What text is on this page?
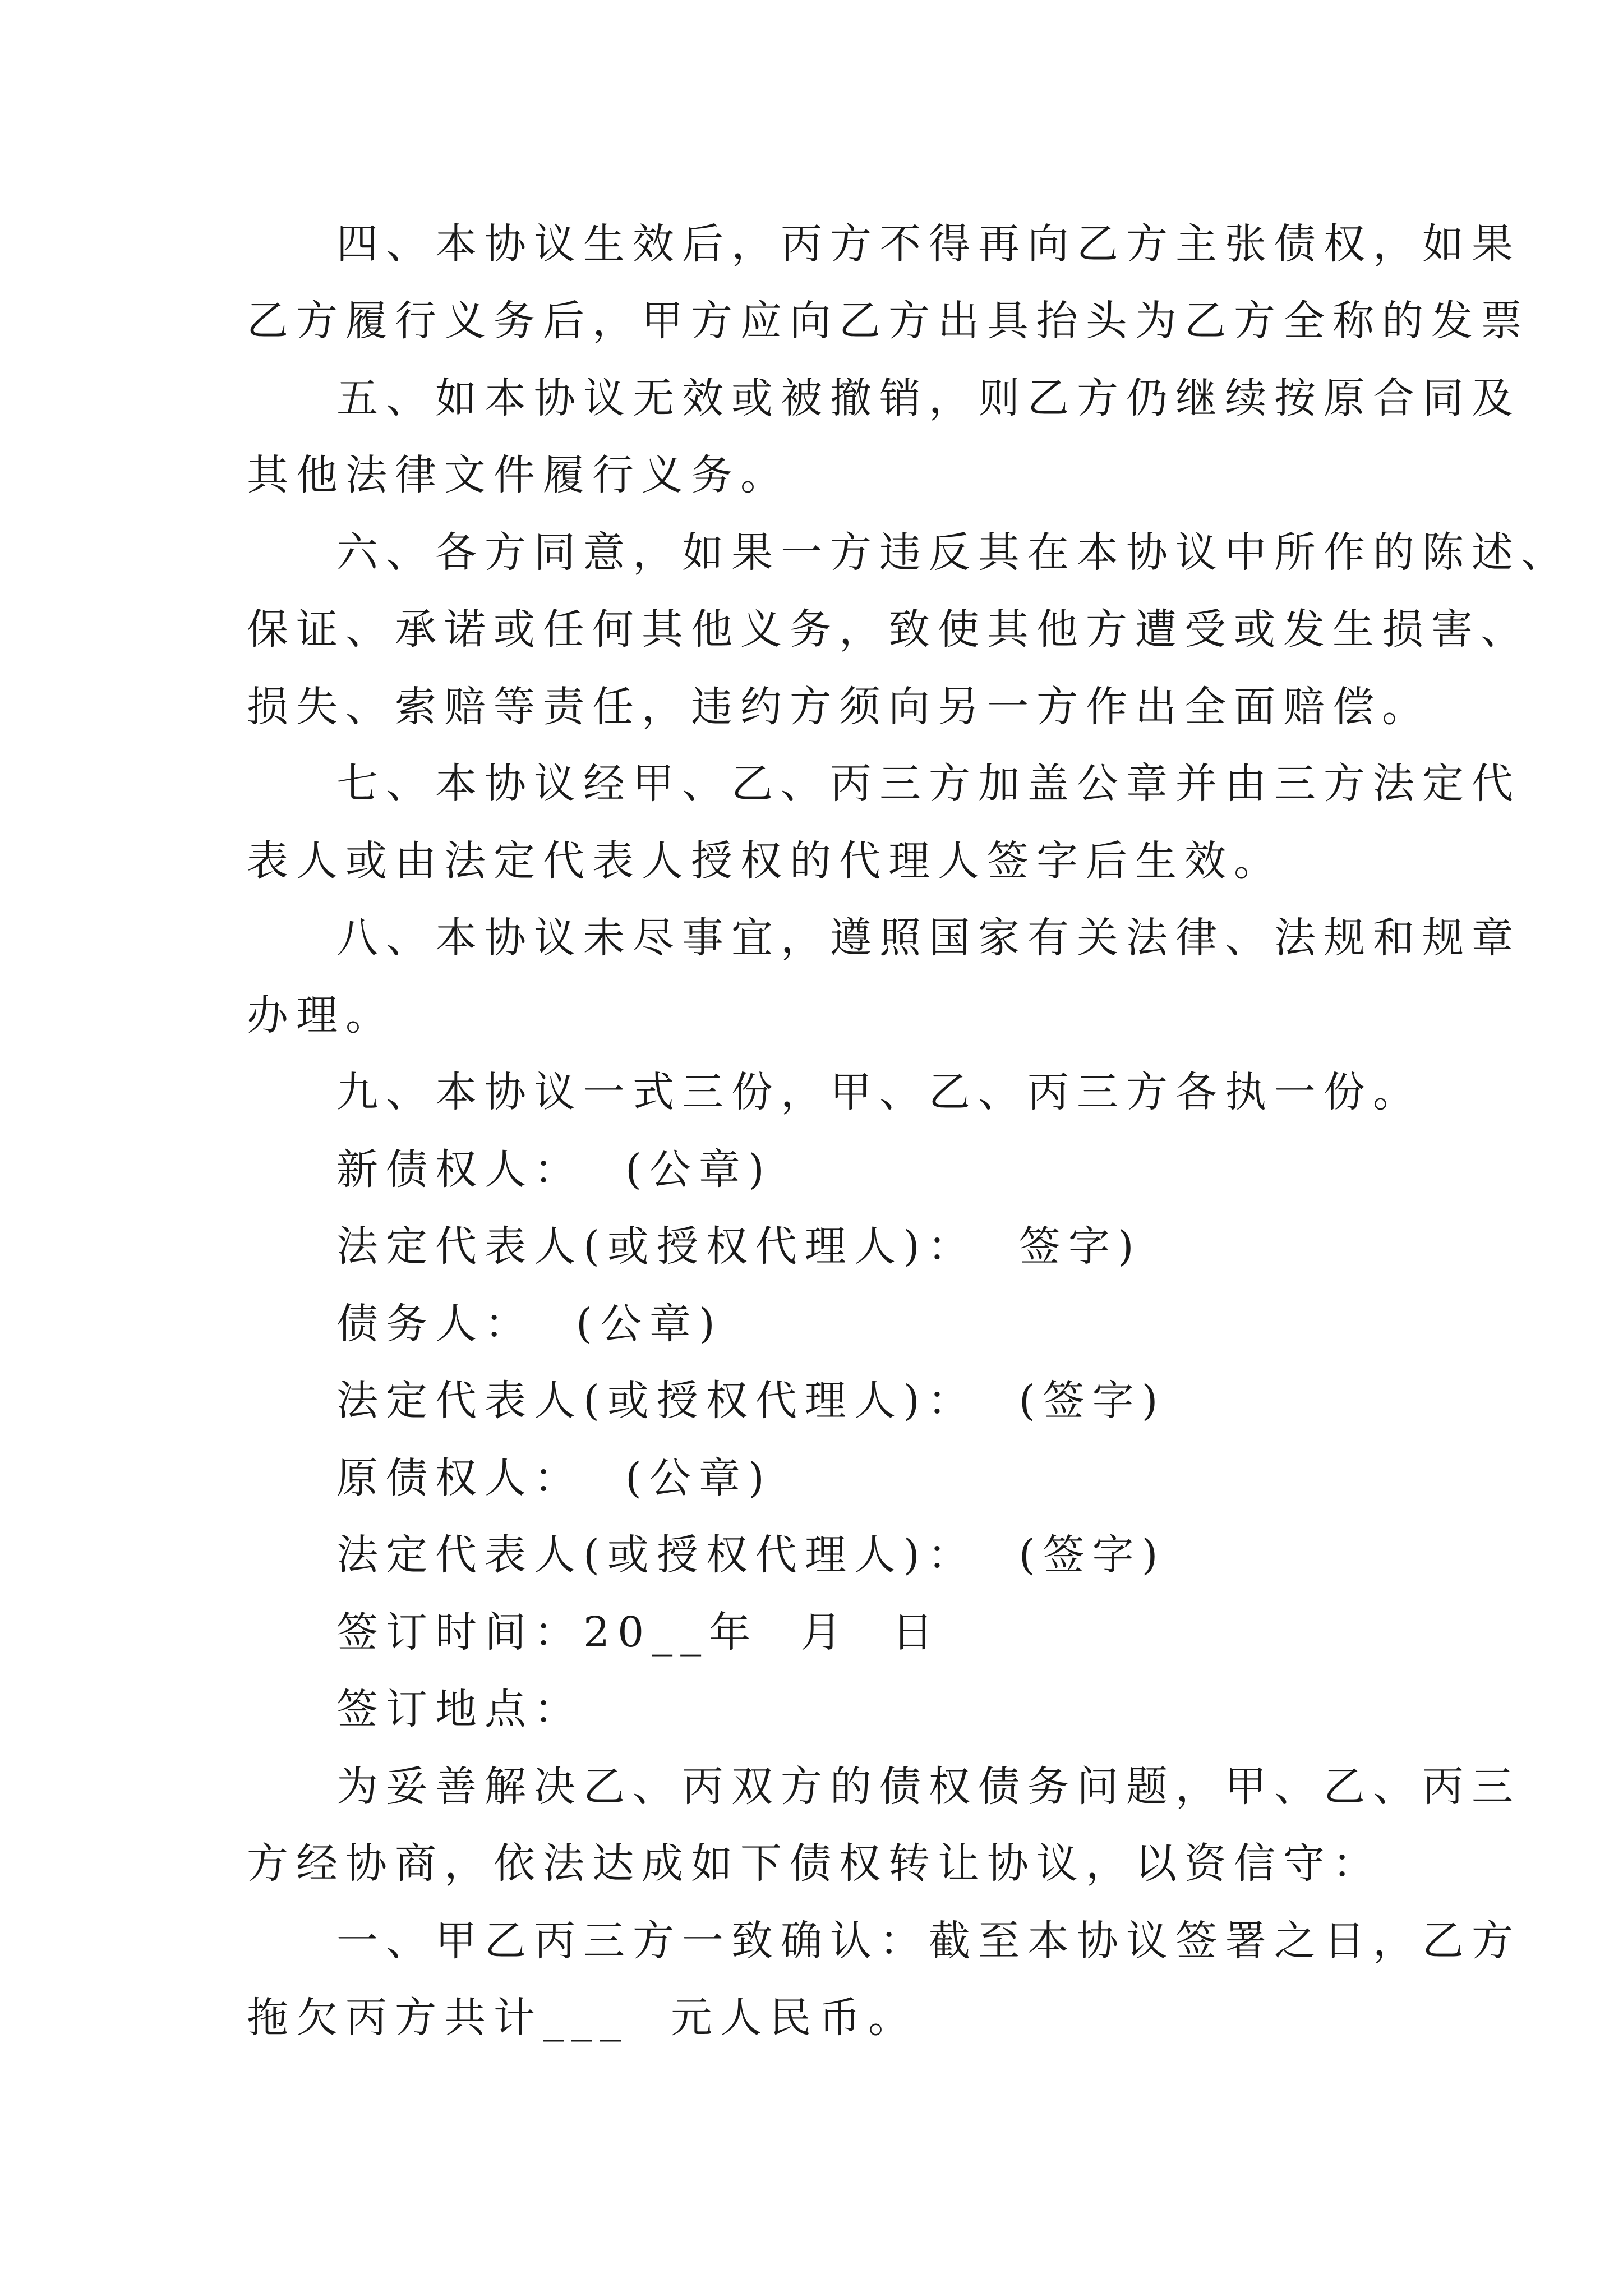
四、本协议生效后，丙方不得再向乙方主张债权，如果
乙方履行义务后，甲方应向乙方出具抬头为乙方全称的发票
五、如本协议无效或被撤销，则乙方仍继续按原合同及
其他法律文件履行义务。
六、各方同意，如果一方违反其在本协议中所作的陈述、
保证、承诺或任何其他义务，致使其他方遭受或发生损害、
损失、索赔等责任，违约方须向另一方作出全面赔偿。
七、本协议经甲、乙、丙三方加盖公章并由三方法定代
表人或由法定代表人授权的代理人签字后生效。
八、本协议未尽事宜，遵照国家有关法律、法规和规章
办理。
九、本协议一式三份，甲、乙、丙三方各执一份。
新债权人：  (公章)
法定代表人(或授权代理人)：  签字)
债务人：  (公章)
法定代表人(或授权代理人)：  (签字)
原债权人：  (公章)
法定代表人(或授权代理人)：  (签字)
签订时间：20__年  月  日
签订地点：
为妥善解决乙、丙双方的债权债务问题，甲、乙、丙三
方经协商，依法达成如下债权转让协议，以资信守：
一、甲乙丙三方一致确认：截至本协议签署之日，乙方
拖欠丙方共计___  元人民币。
